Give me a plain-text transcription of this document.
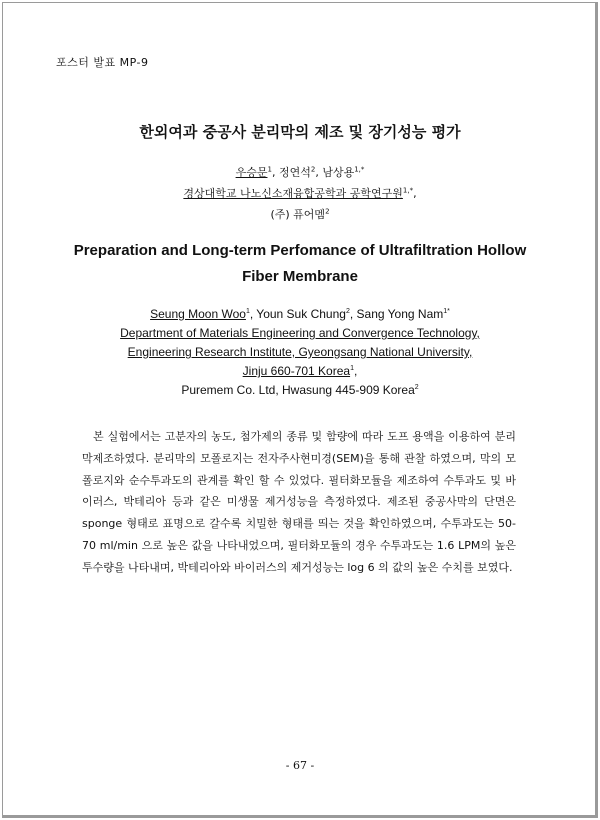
포스터 발표 MP-9
한외여과 중공사 분리막의 제조 및 장기성능 평가
우승문$^1$, 정연석$^2$, 남상용$^{1,*}$
경상대학교 나노신소재융합공학과 공학연구원$^{1,*}$,
(주) 퓨어멤$^2$
Preparation and Long-term Perfomance of Ultrafiltration Hollow
Fiber Membrane
Seung Moon Woo$^1$, Youn Suk Chung$^2$, Sang Yong Nam$^{1*}$
Department of Materials Engineering and Convergence Technology,
Engineering Research Institute, Gyeongsang National University,
Jinju 660-701 Korea$^1$,
Puremem Co. Ltd, Hwasung 445-909 Korea$^2$
본 실험에서는 고분자의 농도, 첨가제의 종류 및 함량에 따라 도프 용액을 이용하여 분리막제조하였다. 분리막의 모폴로지는 전자주사현미경(SEM)을 통해 관찰 하였으며, 막의 모폴로지와 순수투과도의 관계를 확인 할 수 있었다. 필터화모듈을 제조하여 수투과도 및 바이러스, 박테리아 등과 같은 미생물 제거성능을 측정하였다. 제조된 중공사막의 단면은 sponge 형태로 표명으로 갈수록 치밀한 형태를 띄는 것을 확인하였으며, 수투과도는 50-70 ml/min 으로 높은 값을 나타내었으며, 필터화모듈의 경우 수투과도는 1.6 LPM의 높은 투수량을 나타내며, 박테리아와 바이러스의 제거성능는 log 6 의 값의 높은 수치를 보였다.
- 67 -
